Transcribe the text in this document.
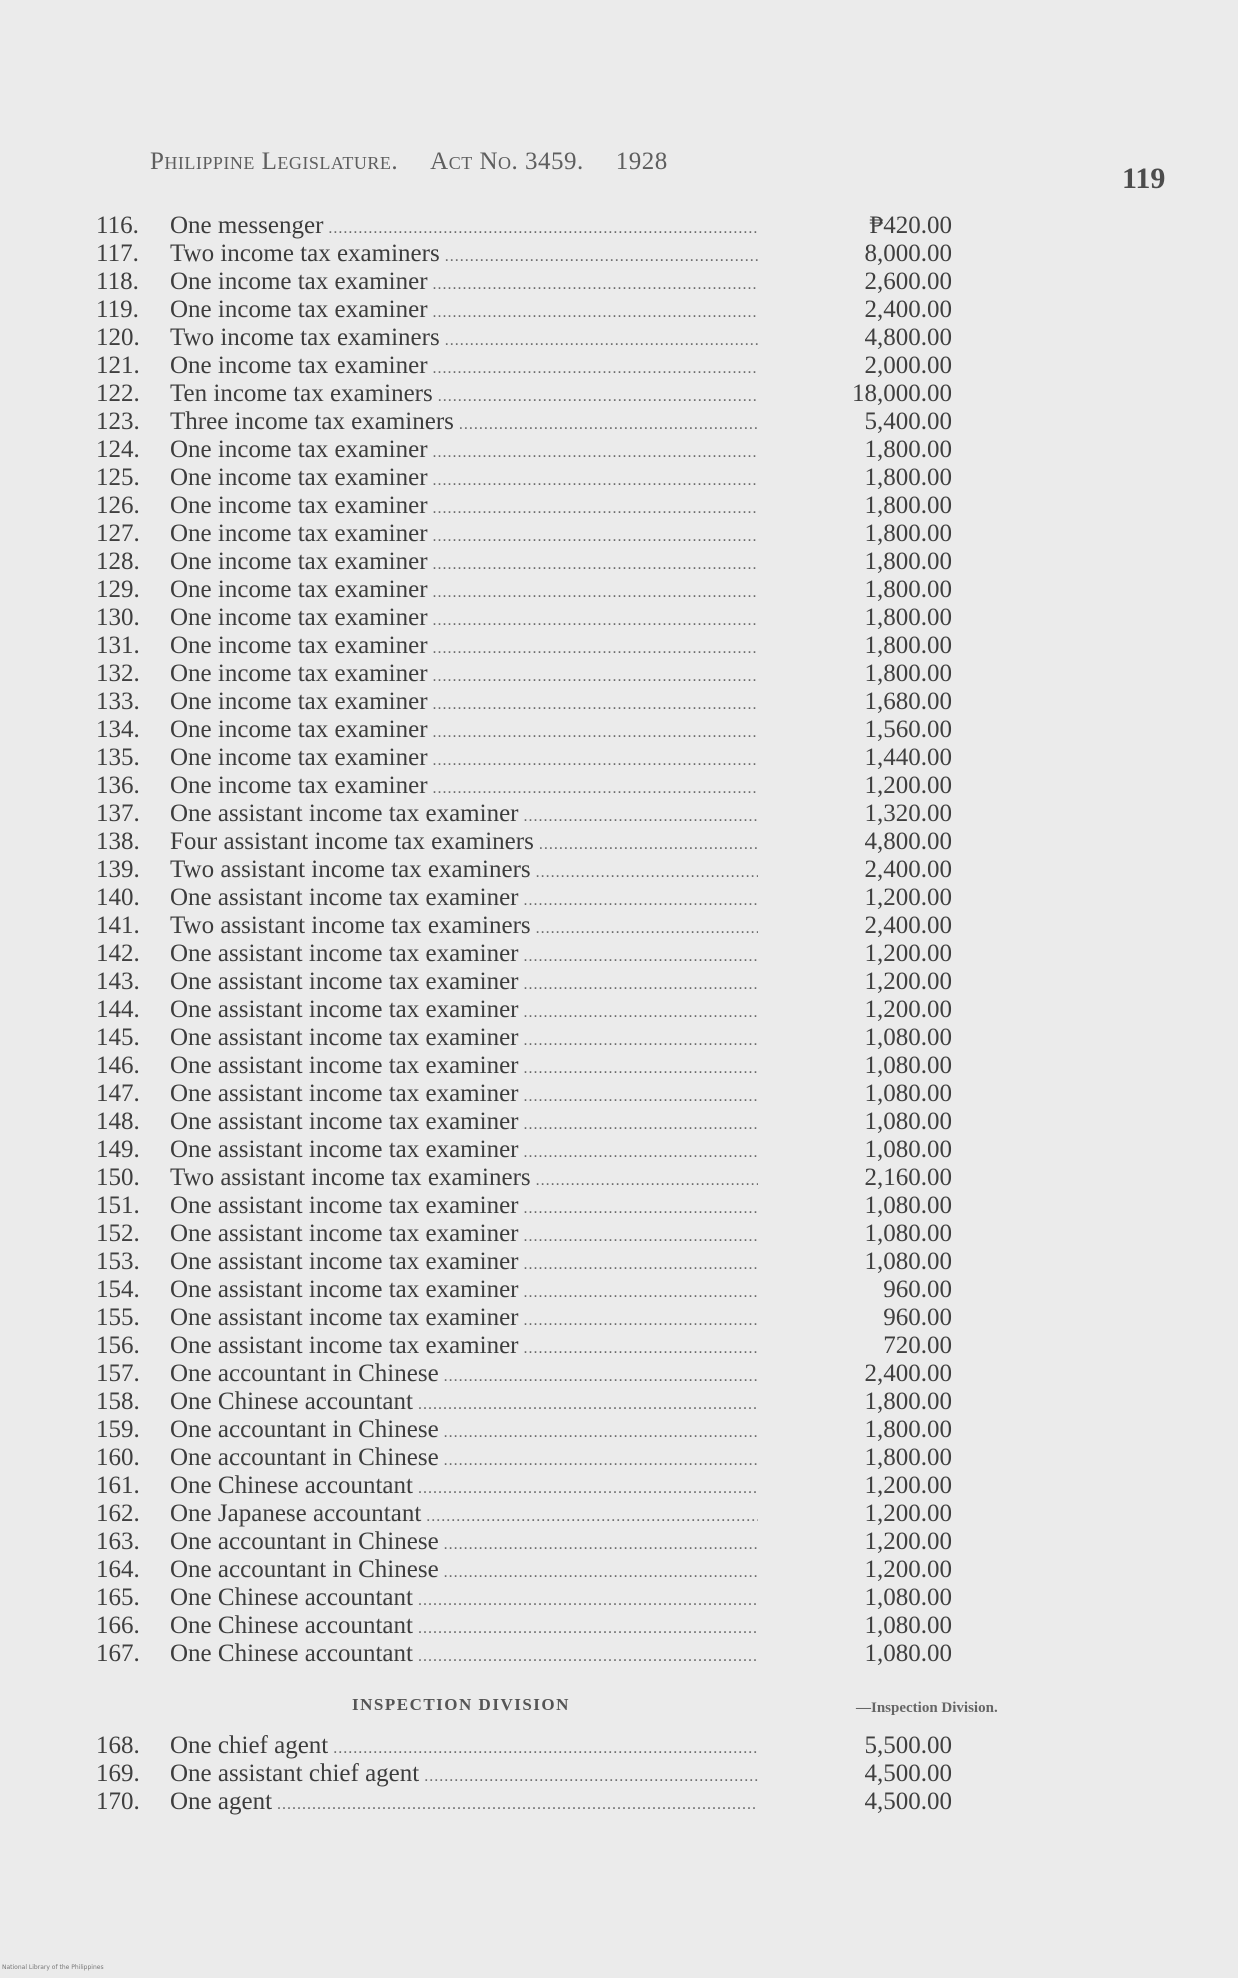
Philippine Legislature. Act No. 3459. 1928
119
116.	One messenger .....	₱420.00
117.	Two income tax examiners .....	8,000.00
118.	One income tax examiner .....	2,600.00
119.	One income tax examiner .....	2,400.00
120.	Two income tax examiners .....	4,800.00
121.	One income tax examiner .....	2,000.00
122.	Ten income tax examiners .....	18,000.00
123.	Three income tax examiners .....	5,400.00
124.	One income tax examiner .....	1,800.00
125.	One income tax examiner .....	1,800.00
126.	One income tax examiner .....	1,800.00
127.	One income tax examiner .....	1,800.00
128.	One income tax examiner .....	1,800.00
129.	One income tax examiner .....	1,800.00
130.	One income tax examiner .....	1,800.00
131.	One income tax examiner .....	1,800.00
132.	One income tax examiner .....	1,800.00
133.	One income tax examiner .....	1,680.00
134.	One income tax examiner .....	1,560.00
135.	One income tax examiner .....	1,440.00
136.	One income tax examiner .....	1,200.00
137.	One assistant income tax examiner .....	1,320.00
138.	Four assistant income tax examiners .....	4,800.00
139.	Two assistant income tax examiners .....	2,400.00
140.	One assistant income tax examiner .....	1,200.00
141.	Two assistant income tax examiners .....	2,400.00
142.	One assistant income tax examiner .....	1,200.00
143.	One assistant income tax examiner .....	1,200.00
144.	One assistant income tax examiner .....	1,200.00
145.	One assistant income tax examiner .....	1,080.00
146.	One assistant income tax examiner .....	1,080.00
147.	One assistant income tax examiner .....	1,080.00
148.	One assistant income tax examiner .....	1,080.00
149.	One assistant income tax examiner .....	1,080.00
150.	Two assistant income tax examiners .....	2,160.00
151.	One assistant income tax examiner .....	1,080.00
152.	One assistant income tax examiner .....	1,080.00
153.	One assistant income tax examiner .....	1,080.00
154.	One assistant income tax examiner .....	960.00
155.	One assistant income tax examiner .....	960.00
156.	One assistant income tax examiner .....	720.00
157.	One accountant in Chinese .....	2,400.00
158.	One Chinese accountant .....	1,800.00
159.	One accountant in Chinese .....	1,800.00
160.	One accountant in Chinese .....	1,800.00
161.	One Chinese accountant .....	1,200.00
162.	One Japanese accountant .....	1,200.00
163.	One accountant in Chinese .....	1,200.00
164.	One accountant in Chinese .....	1,200.00
165.	One Chinese accountant .....	1,080.00
166.	One Chinese accountant .....	1,080.00
167.	One Chinese accountant .....	1,080.00
INSPECTION DIVISION	—Inspection Division.
168.	One chief agent .....	5,500.00
169.	One assistant chief agent .....	4,500.00
170.	One agent .....	4,500.00
National Library of the Philippines
